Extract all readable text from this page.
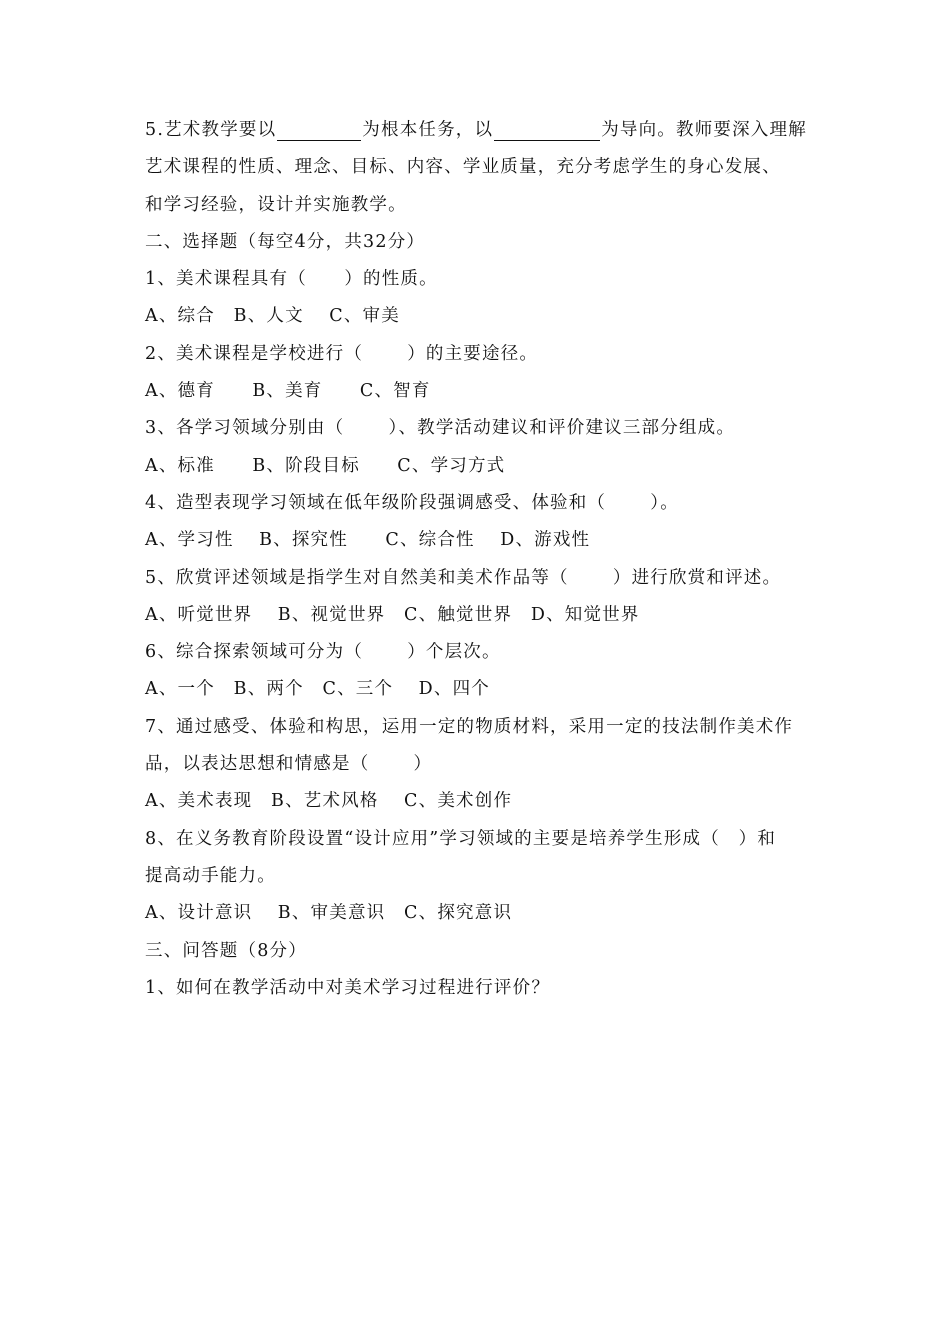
5.艺术教学要以	为根本任务，以	为导向。教师要深入理解
艺术课程的性质、理念、目标、内容、学业质量，充分考虑学生的身心发展、
和学习经验，设计并实施教学。
二、选择题（每空4分，共32分）
1、美术课程具有（　　）的性质。
A、综合　B、人文　 C、审美
2、美术课程是学校进行（　　 ）的主要途径。
A、德育　　B、美育　　C、智育
3、各学习领域分别由（　　 ）、教学活动建议和评价建议三部分组成。
A、标准　　B、阶段目标　　C、学习方式
4、造型表现学习领域在低年级阶段强调感受、体验和（　　 ）。
A、学习性　 B、探究性　　C、综合性　 D、游戏性
5、欣赏评述领域是指学生对自然美和美术作品等（　　 ）进行欣赏和评述。
A、听觉世界　 B、视觉世界　C、触觉世界　D、知觉世界
6、综合探索领域可分为（　　 ）个层次。
A、一个　B、两个　C、三个　 D、四个
7、通过感受、体验和构思，运用一定的物质材料，采用一定的技法制作美术作
品，以表达思想和情感是（　　 ）
A、美术表现　B、艺术风格　 C、美术创作
8、在义务教育阶段设置“设计应用”学习领域的主要是培养学生形成（　）和
提高动手能力。
A、设计意识　 B、审美意识　C、探究意识
三、问答题（8分）
1、如何在教学活动中对美术学习过程进行评价？
